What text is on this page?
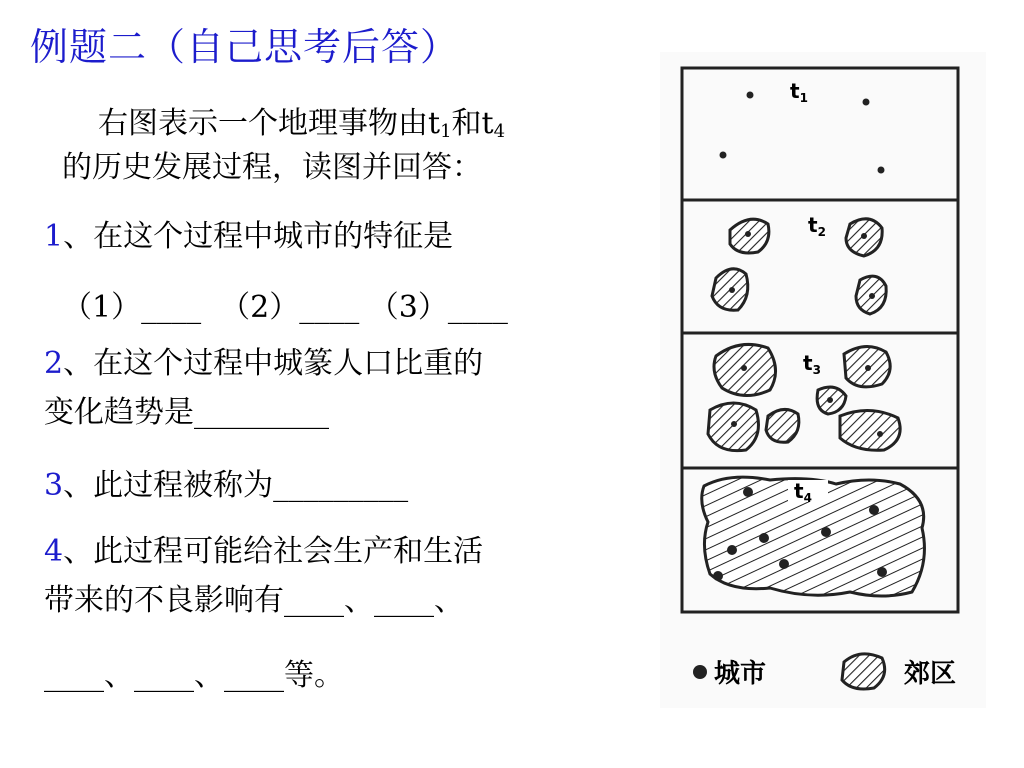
例题二（自己思考后答）
右图表示一个地理事物由$t_1$和$t_4$
的历史发展过程，读图并回答：
1、在这个过程中城市的特征是
（1）____  （2）____ （3）____
2、在这个过程中城篆人口比重的
变化趋势是_________
3、此过程被称为_________
4、此过程可能给社会生产和生活
带来的不良影响有____、____、
____、____、____等。
$t_1$
$t_2$
$t_3$
$t_4$
城市	郊区
